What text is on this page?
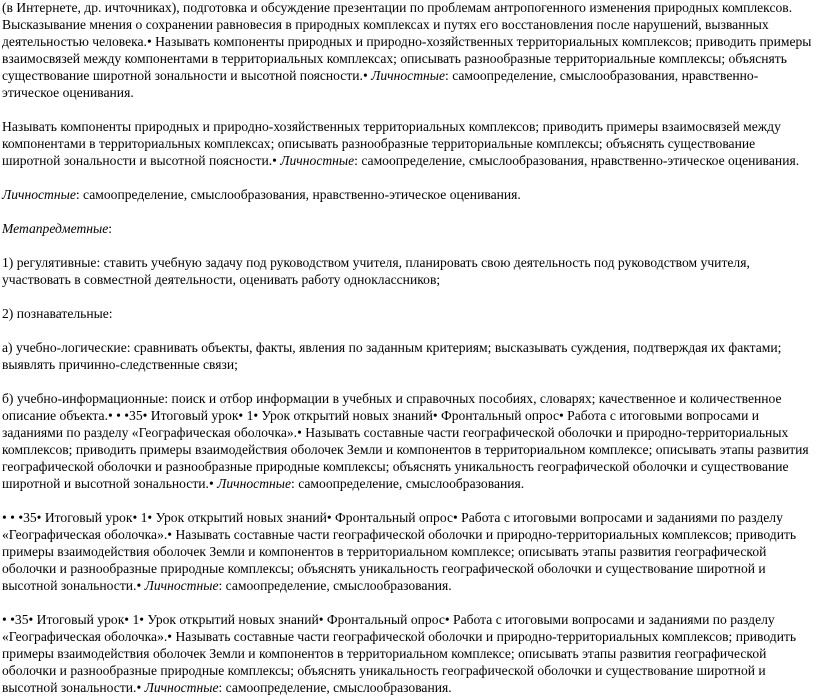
(в Интернете, др. ичточниках), подготовка и обсуждение презентации по проблемам антропогенного изменения природных комплексов. Высказывание мнения о сохранении равновесия в природных комплексах и путях его восстановления после нарушений, вызванных деятельностью человека.• Назывaть компоненты природных и природно-хозяйственных территориальных комплексов; приводить примеры взаимосвязей между компонентами в территориальных комплексах; описывать разнообразные территориальные комплексы; объяснять существование широтной зональности и высотной поясности.• Личностные: самоопределение, смыслообразования, нравственно-этическое оценивания.

Назывaть компоненты природных и природно-хозяйственных территориальных комплексов; приводить примеры взаимосвязей между компонентами в территориальных комплексах; описывать разнообразные территориальные комплексы; объяснять существование широтной зональности и высотной поясности.• Личностные: самоопределение, смыслообразования, нравственно-этическое оценивания.

Личностные: самоопределение, смыслообразования, нравственно-этическое оценивания.

Метапредметные:

1) регулятивные: ставить учебную задачу под руководством учителя, планировать свою деятельность под руководством учителя, участвовать в совместной деятельности, оценивать работу одноклассников;

2) познавательные:

а) учебно-логические: сравнивать объекты, факты, явления по заданным критериям; высказывать суждения, подтверждая их фактами; выявлять причинно-следственные связи;

б) учебно-информационные: поиск и отбор информации в учебных и справочных пособиях, словарях; качественное и количественное описание объекта.• • •35• Итоговый урок• 1• Урок открытий новых знаний• Фронтальный опрос• Работа с итоговыми вопросами и заданиями по разделу «Географическая оболочка».• Назывaть составные части географической оболочки и природно-территориальных комплексов; приводить примеры взаимодействия оболочек Земли и компонентов в территориальном комплексе; описывать этапы развития географической оболочки и разнообразные природные комплексы; объяснять уникальность географической оболочки и существование широтной и высотной зональности.• Личностные: самоопределение, смыслообразования.

• • •35• Итоговый урок• 1• Урок открытий новых знаний• Фронтальный опрос• Работа с итоговыми вопросами и заданиями по разделу «Географическая оболочка».• Назывaть составные части географической оболочки и природно-территориальных комплексов; приводить примеры взаимодействия оболочек Земли и компонентов в территориальном комплексе; описывать этапы развития географической оболочки и разнообразные природные комплексы; объяснять уникальность географической оболочки и существование широтной и высотной зональности.• Личностные: самоопределение, смыслообразования.

• •35• Итоговый урок• 1• Урок открытий новых знаний• Фронтальный опрос• Работа с итоговыми вопросами и заданиями по разделу «Географическая оболочка».• Назывaть составные части географической оболочки и природно-территориальных комплексов; приводить примеры взаимодействия оболочек Земли и компонентов в территориальном комплексе; описывать этапы развития географической оболочки и разнообразные природные комплексы; объяснять уникальность географической оболочки и существование широтной и высотной зональности.• Личностные: самоопределение, смыслообразования.
